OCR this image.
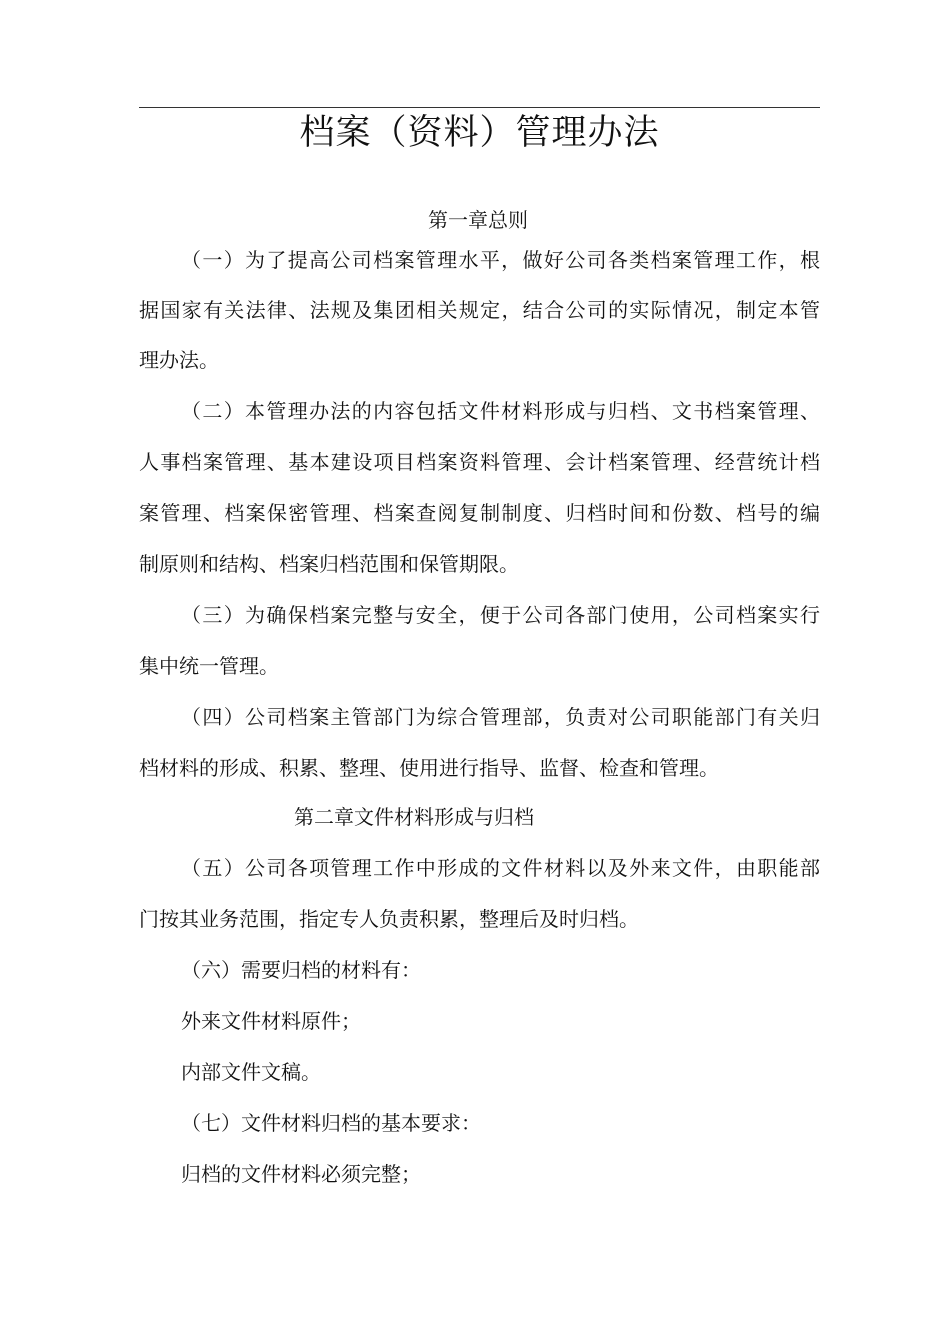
档案（资料）管理办法
第一章总则
（一）为了提高公司档案管理水平，做好公司各类档案管理工作，根
据国家有关法律、法规及集团相关规定，结合公司的实际情况，制定本管
理办法。
（二）本管理办法的内容包括文件材料形成与归档、文书档案管理、
人事档案管理、基本建设项目档案资料管理、会计档案管理、经营统计档
案管理、档案保密管理、档案查阅复制制度、归档时间和份数、档号的编
制原则和结构、档案归档范围和保管期限。
（三）为确保档案完整与安全，便于公司各部门使用，公司档案实行
集中统一管理。
（四）公司档案主管部门为综合管理部，负责对公司职能部门有关归
档材料的形成、积累、整理、使用进行指导、监督、检查和管理。
第二章文件材料形成与归档
（五）公司各项管理工作中形成的文件材料以及外来文件，由职能部
门按其业务范围，指定专人负责积累，整理后及时归档。
（六）需要归档的材料有：
外来文件材料原件；
内部文件文稿。
（七）文件材料归档的基本要求：
归档的文件材料必须完整；
